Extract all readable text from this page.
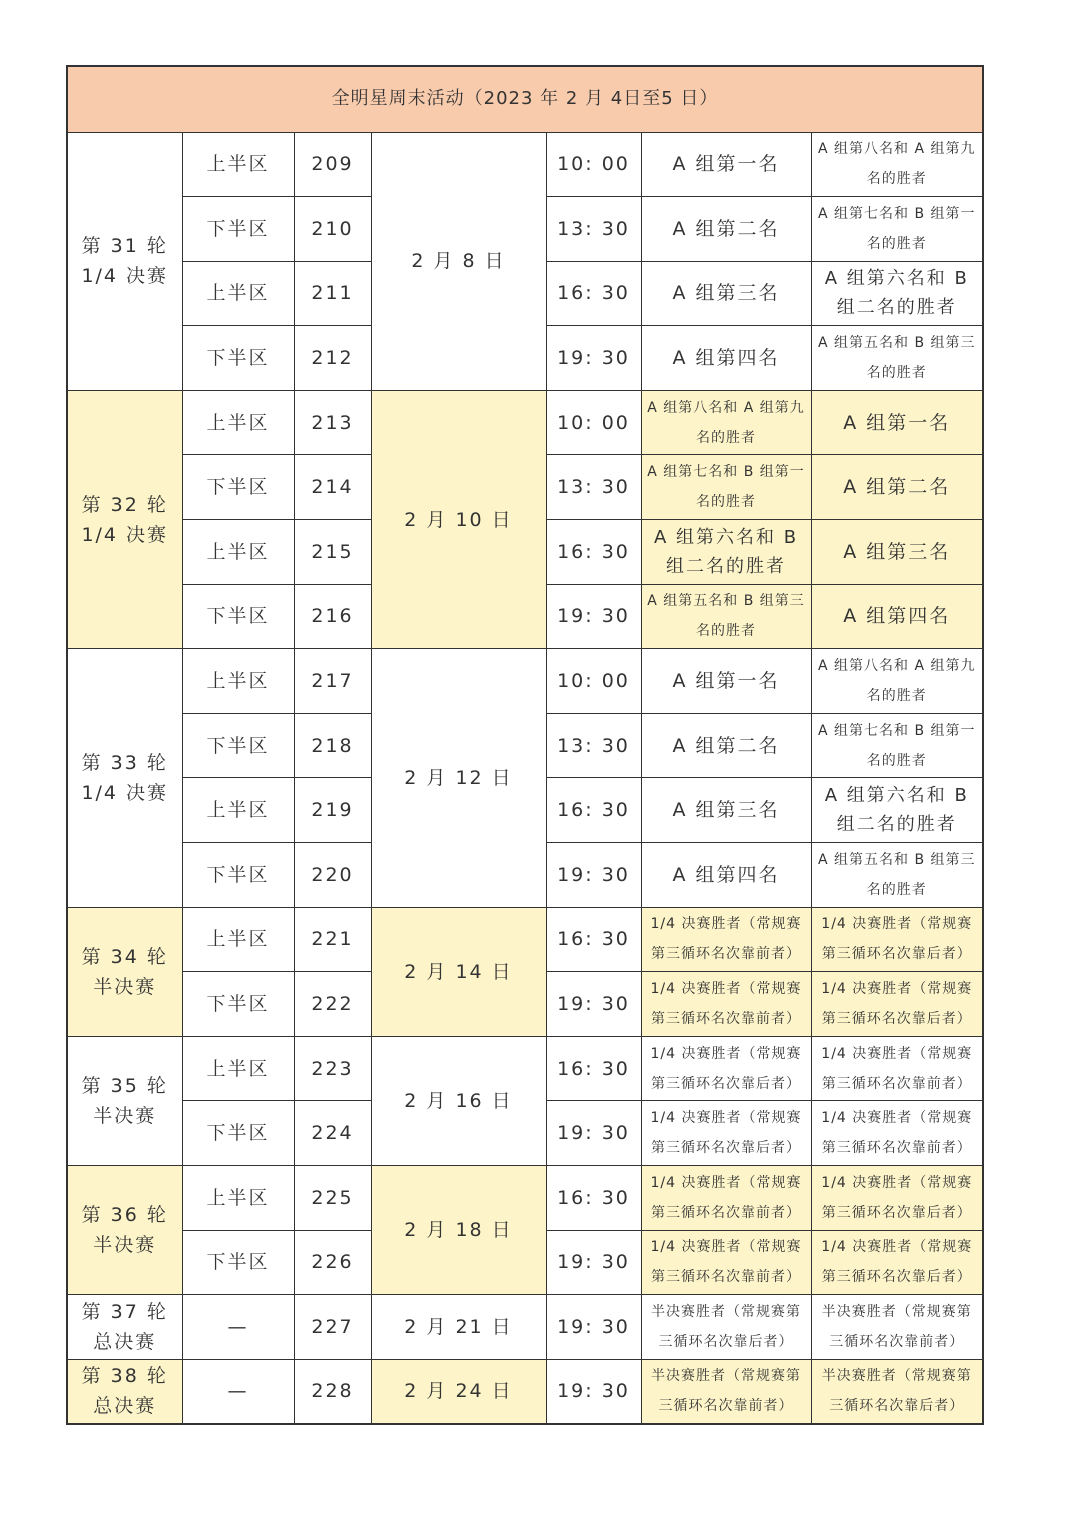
全明星周末活动（2023 年 2 月 4日至5 日）						

第 31 轮
1/4 决赛	上半区	209	2 月 8 日	10: 00	A 组第一名	A 组第八名和 A 组第九名的胜者
	下半区	210		13: 30	A 组第二名	A 组第七名和 B 组第一名的胜者
	上半区	211		16: 30	A 组第三名	A 组第六名和 B 组二名的胜者
	下半区	212		19: 30	A 组第四名	A 组第五名和 B 组第三名的胜者

第 32 轮
1/4 决赛	上半区	213	2 月 10 日	10: 00	A 组第八名和 A 组第九名的胜者	A 组第一名
	下半区	214		13: 30	A 组第七名和 B 组第一名的胜者	A 组第二名
	上半区	215		16: 30	A 组第六名和 B 组二名的胜者	A 组第三名
	下半区	216		19: 30	A 组第五名和 B 组第三名的胜者	A 组第四名

第 33 轮
1/4 决赛	上半区	217	2 月 12 日	10: 00	A 组第一名	A 组第八名和 A 组第九名的胜者
	下半区	218		13: 30	A 组第二名	A 组第七名和 B 组第一名的胜者
	上半区	219		16: 30	A 组第三名	A 组第六名和 B 组二名的胜者
	下半区	220		19: 30	A 组第四名	A 组第五名和 B 组第三名的胜者

第 34 轮
半决赛	上半区	221	2 月 14 日	16: 30	1/4 决赛胜者（常规赛第三循环名次靠前者）	1/4 决赛胜者（常规赛第三循环名次靠后者）
	下半区	222		19: 30	1/4 决赛胜者（常规赛第三循环名次靠前者）	1/4 决赛胜者（常规赛第三循环名次靠后者）

第 35 轮
半决赛	上半区	223	2 月 16 日	16: 30	1/4 决赛胜者（常规赛第三循环名次靠后者）	1/4 决赛胜者（常规赛第三循环名次靠前者）
	下半区	224		19: 30	1/4 决赛胜者（常规赛第三循环名次靠后者）	1/4 决赛胜者（常规赛第三循环名次靠前者）

第 36 轮
半决赛	上半区	225	2 月 18 日	16: 30	1/4 决赛胜者（常规赛第三循环名次靠前者）	1/4 决赛胜者（常规赛第三循环名次靠后者）
	下半区	226		19: 30	1/4 决赛胜者（常规赛第三循环名次靠前者）	1/4 决赛胜者（常规赛第三循环名次靠后者）

第 37 轮
总决赛	—	227	2 月 21 日	19: 30	半决赛胜者（常规赛第三循环名次靠后者）	半决赛胜者（常规赛第三循环名次靠前者）

第 38 轮
总决赛	—	228	2 月 24 日	19: 30	半决赛胜者（常规赛第三循环名次靠前者）	半决赛胜者（常规赛第三循环名次靠后者）
